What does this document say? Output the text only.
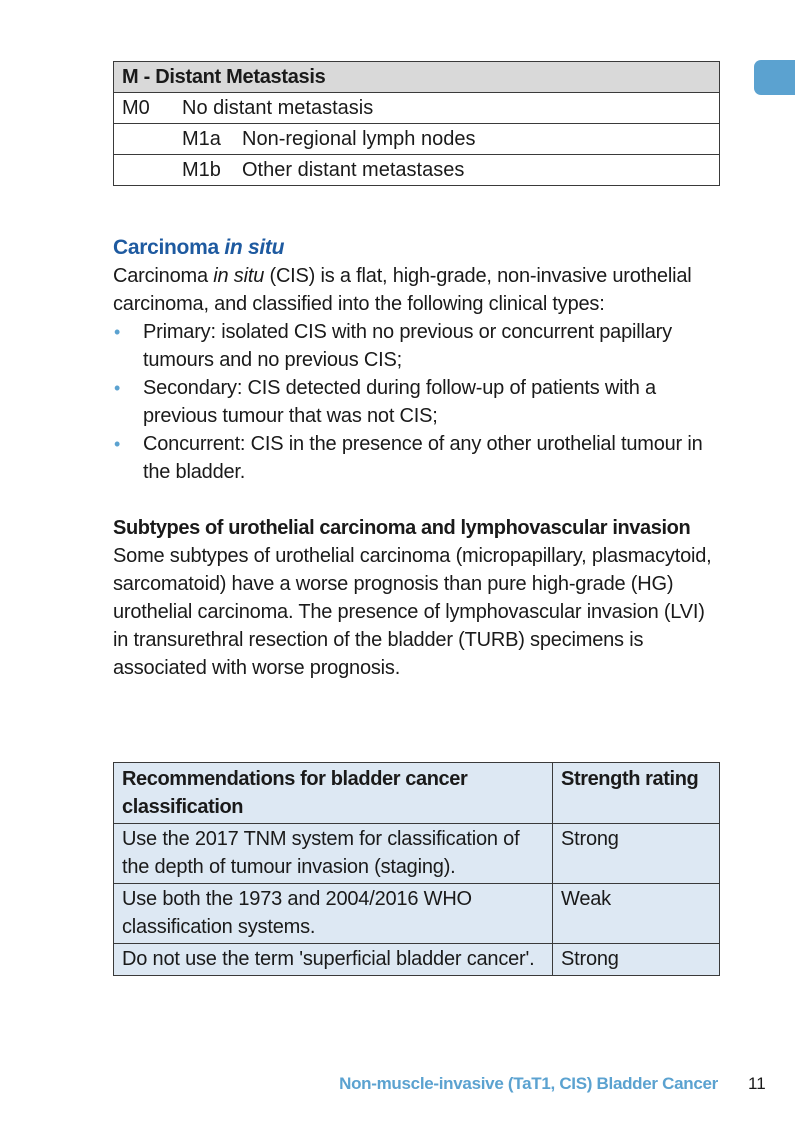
M - Distant Metastasis
M0 No distant metastasis
M1a Non-regional lymph nodes
M1b Other distant metastases
Carcinoma in situ

Carcinoma in situ (CIS) is a flat, high-grade, non-invasive urothelial carcinoma, and classified into the following clinical types:

• Primary: isolated CIS with no previous or concurrent papillary tumours and no previous CIS;
• Secondary: CIS detected during follow-up of patients with a previous tumour that was not CIS;
• Concurrent: CIS in the presence of any other urothelial tumour in the bladder.
Subtypes of urothelial carcinoma and lymphovascular invasion

Some subtypes of urothelial carcinoma (micropapillary, plasmacytoid, sarcomatoid) have a worse prognosis than pure high-grade (HG) urothelial carcinoma. The presence of lymphovascular invasion (LVI) in transurethral resection of the bladder (TURB) specimens is associated with worse prognosis.

Recommendations for bladder cancer classification	Strength rating
Use the 2017 TNM system for classification of the depth of tumour invasion (staging).	Strong
Use both the 1973 and 2004/2016 WHO classification systems.	Weak
Do not use the term 'superficial bladder cancer'.	Strong
Non-muscle-invasive (TaT1, CIS) Bladder Cancer 11
